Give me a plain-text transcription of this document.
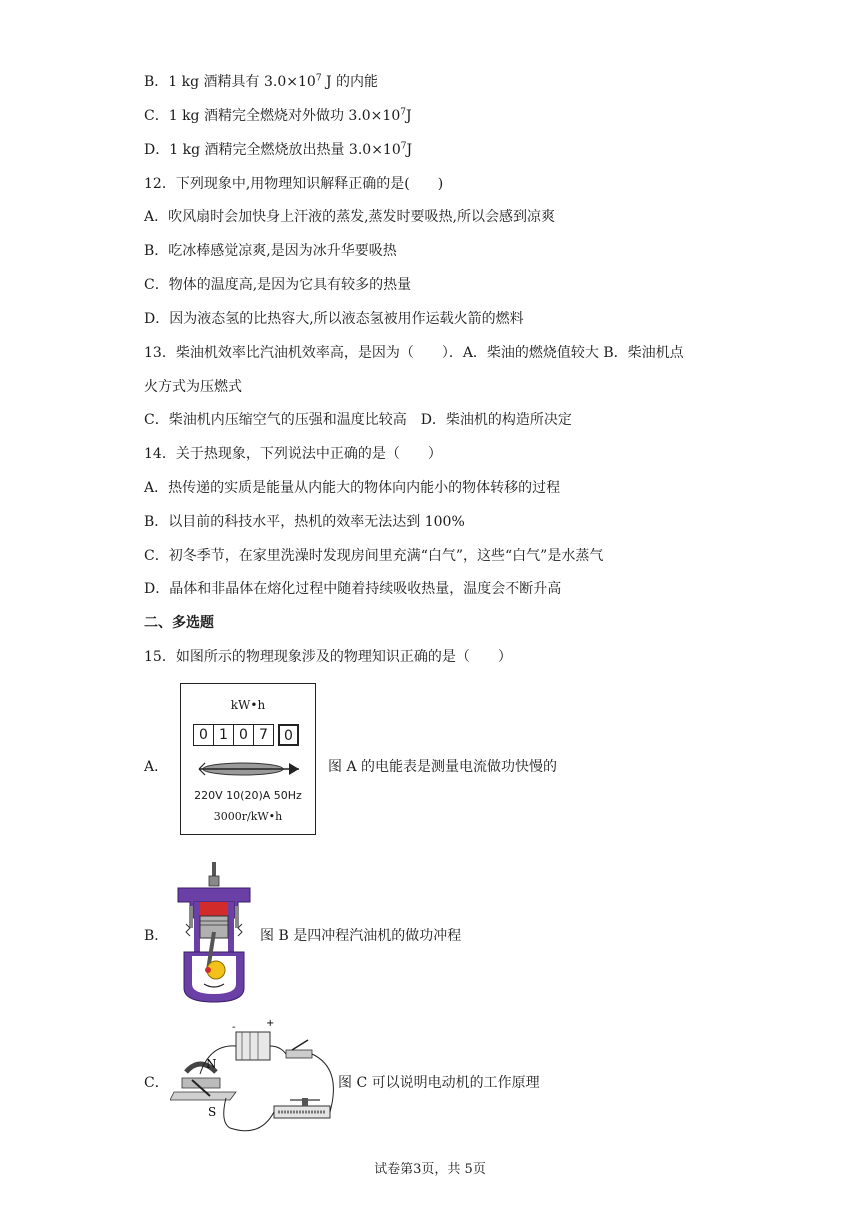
B．1 kg 酒精具有 $3.0\times 10^7$ J 的内能
C．1 kg 酒精完全燃烧对外做功 $3.0\times 10^7J$
D．1 kg 酒精完全燃烧放出热量 $3.0\times 10^7J$
12．下列现象中,用物理知识解释正确的是(　　)
A．吹风扇时会加快身上汗液的蒸发,蒸发时要吸热,所以会感到凉爽
B．吃冰棒感觉凉爽,是因为冰升华要吸热
C．物体的温度高,是因为它具有较多的热量
D．因为液态氢的比热容大,所以液态氢被用作运载火箭的燃料
13．柴油机效率比汽油机效率高，是因为（　　）．A．柴油的燃烧值较大 B．柴油机点
火方式为压燃式
C．柴油机内压缩空气的压强和温度比较高　D．柴油机的构造所决定
14．关于热现象，下列说法中正确的是（　　）
A．热传递的实质是能量从内能大的物体向内能小的物体转移的过程
B．以目前的科技水平，热机的效率无法达到 100%
C．初冬季节，在家里洗澡时发现房间里充满“白气”，这些“白气”是水蒸气
D．晶体和非晶体在熔化过程中随着持续吸收热量，温度会不断升高
二、多选题
15．如图所示的物理现象涉及的物理知识正确的是（　　）
A．
kW•h
0 1 0 7	0
220V 10(20)A 50Hz
3000r/kW•h
图 A 的电能表是测量电流做功快慢的
B．	图 B 是四冲程汽油机的做功冲程
C．
-	+
N
S
图 C 可以说明电动机的工作原理
试卷第3页，共 5页
